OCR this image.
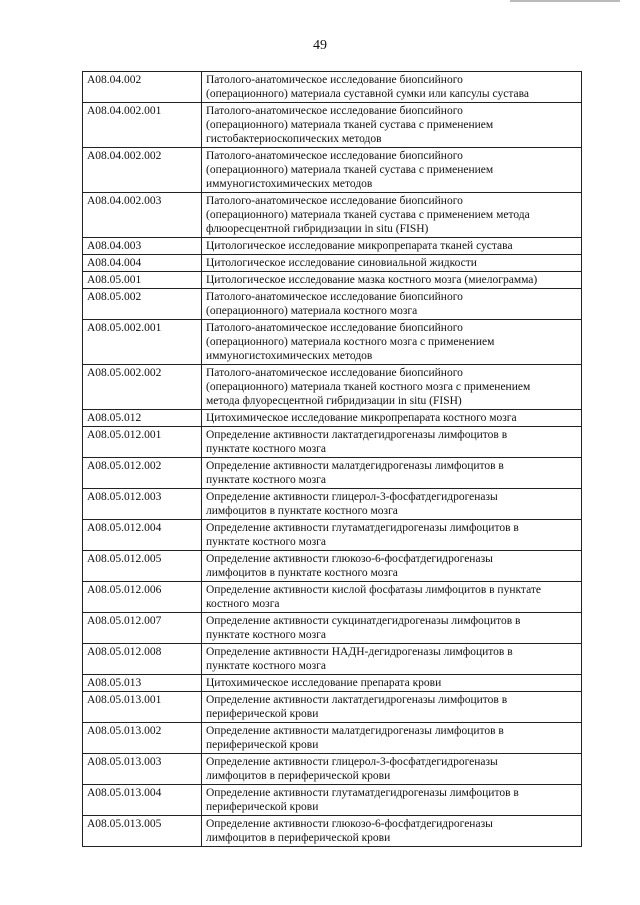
49
A08.04.002	Патолого-анатомическое исследование биопсийного
(операционного) материала суставной сумки или капсулы сустава
A08.04.002.001	Патолого-анатомическое исследование биопсийного
(операционного) материала тканей сустава с применением
гистобактериоскопических методов
A08.04.002.002	Патолого-анатомическое исследование биопсийного
(операционного) материала тканей сустава с применением
иммуногистохимических методов
A08.04.002.003	Патолого-анатомическое исследование биопсийного
(операционного) материала тканей сустава с применением метода
флюоресцентной гибридизации in situ (FISH)
A08.04.003	Цитологическое исследование микропрепарата тканей сустава
A08.04.004	Цитологическое исследование синовиальной жидкости
A08.05.001	Цитологическое исследование мазка костного мозга (миелограмма)
A08.05.002	Патолого-анатомическое исследование биопсийного
(операционного) материала костного мозга
A08.05.002.001	Патолого-анатомическое исследование биопсийного
(операционного) материала костного мозга с применением
иммуногистохимических методов
A08.05.002.002	Патолого-анатомическое исследование биопсийного
(операционного) материала тканей костного мозга с применением
метода флуоресцентной гибридизации in situ (FISH)
A08.05.012	Цитохимическое исследование микропрепарата костного мозга
A08.05.012.001	Определение активности лактатдегидрогеназы лимфоцитов в
пунктате костного мозга
A08.05.012.002	Определение активности малатдегидрогеназы лимфоцитов в
пунктате костного мозга
A08.05.012.003	Определение активности глицерол-3-фосфатдегидрогеназы
лимфоцитов в пунктате костного мозга
A08.05.012.004	Определение активности глутаматдегидрогеназы лимфоцитов в
пунктате костного мозга
A08.05.012.005	Определение активности глюкозо-6-фосфатдегидрогеназы
лимфоцитов в пунктате костного мозга
A08.05.012.006	Определение активности кислой фосфатазы лимфоцитов в пунктате
костного мозга
A08.05.012.007	Определение активности сукцинатдегидрогеназы лимфоцитов в
пунктате костного мозга
A08.05.012.008	Определение активности НАДН-дегидрогеназы лимфоцитов в
пунктате костного мозга
A08.05.013	Цитохимическое исследование препарата крови
A08.05.013.001	Определение активности лактатдегидрогеназы лимфоцитов в
периферической крови
A08.05.013.002	Определение активности малатдегидрогеназы лимфоцитов в
периферической крови
A08.05.013.003	Определение активности глицерол-3-фосфатдегидрогеназы
лимфоцитов в периферической крови
A08.05.013.004	Определение активности глутаматдегидрогеназы лимфоцитов в
периферической крови
A08.05.013.005	Определение активности глюкозо-6-фосфатдегидрогеназы
лимфоцитов в периферической крови
